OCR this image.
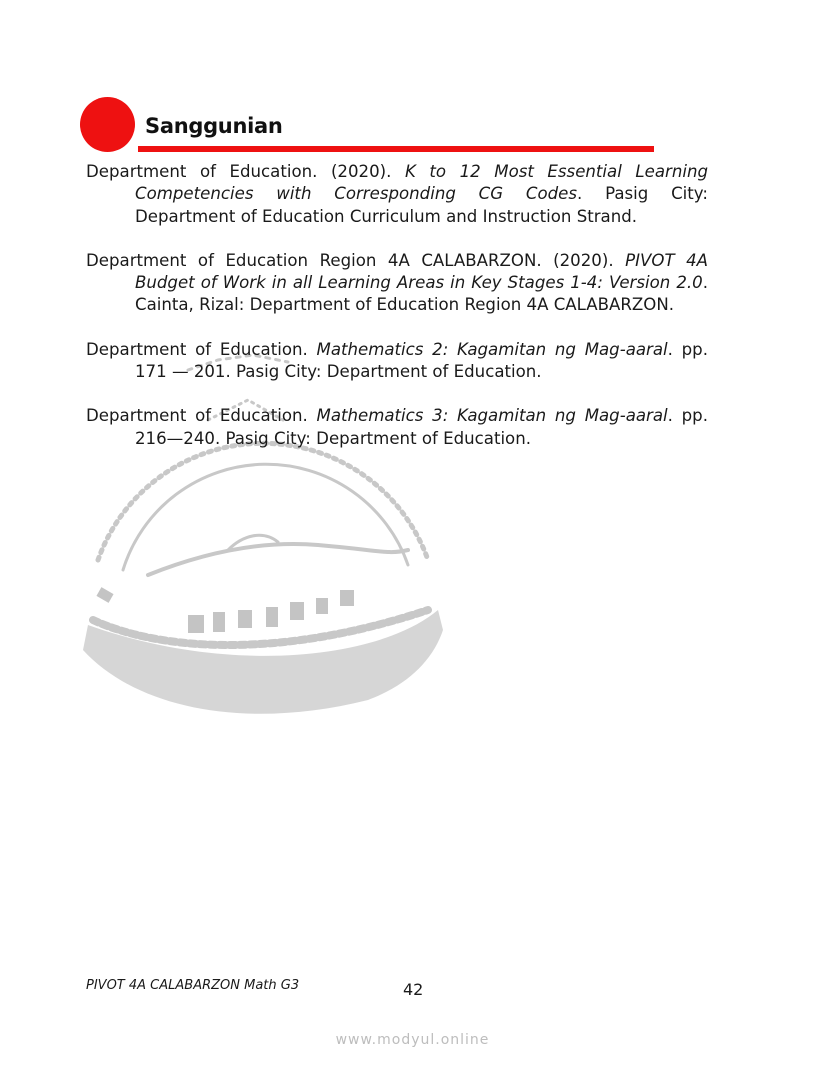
Sanggunian

Department of Education. (2020). K to 12 Most Essential Learning Competencies with Corresponding CG Codes. Pasig City: Department of Education Curriculum and Instruction Strand.

Department of Education Region 4A CALABARZON. (2020). PIVOT 4A Budget of Work in all Learning Areas in Key Stages 1-4: Version 2.0. Cainta, Rizal: Department of Education Region 4A CALABARZON.

Department of Education. Mathematics 2: Kagamitan ng Mag-aaral. pp. 171 — 201. Pasig City: Department of Education.

Department of Education. Mathematics 3: Kagamitan ng Mag-aaral. pp. 216—240. Pasig City: Department of Education.

PIVOT 4A CALABARZON Math G3	42
www.modyul.online
